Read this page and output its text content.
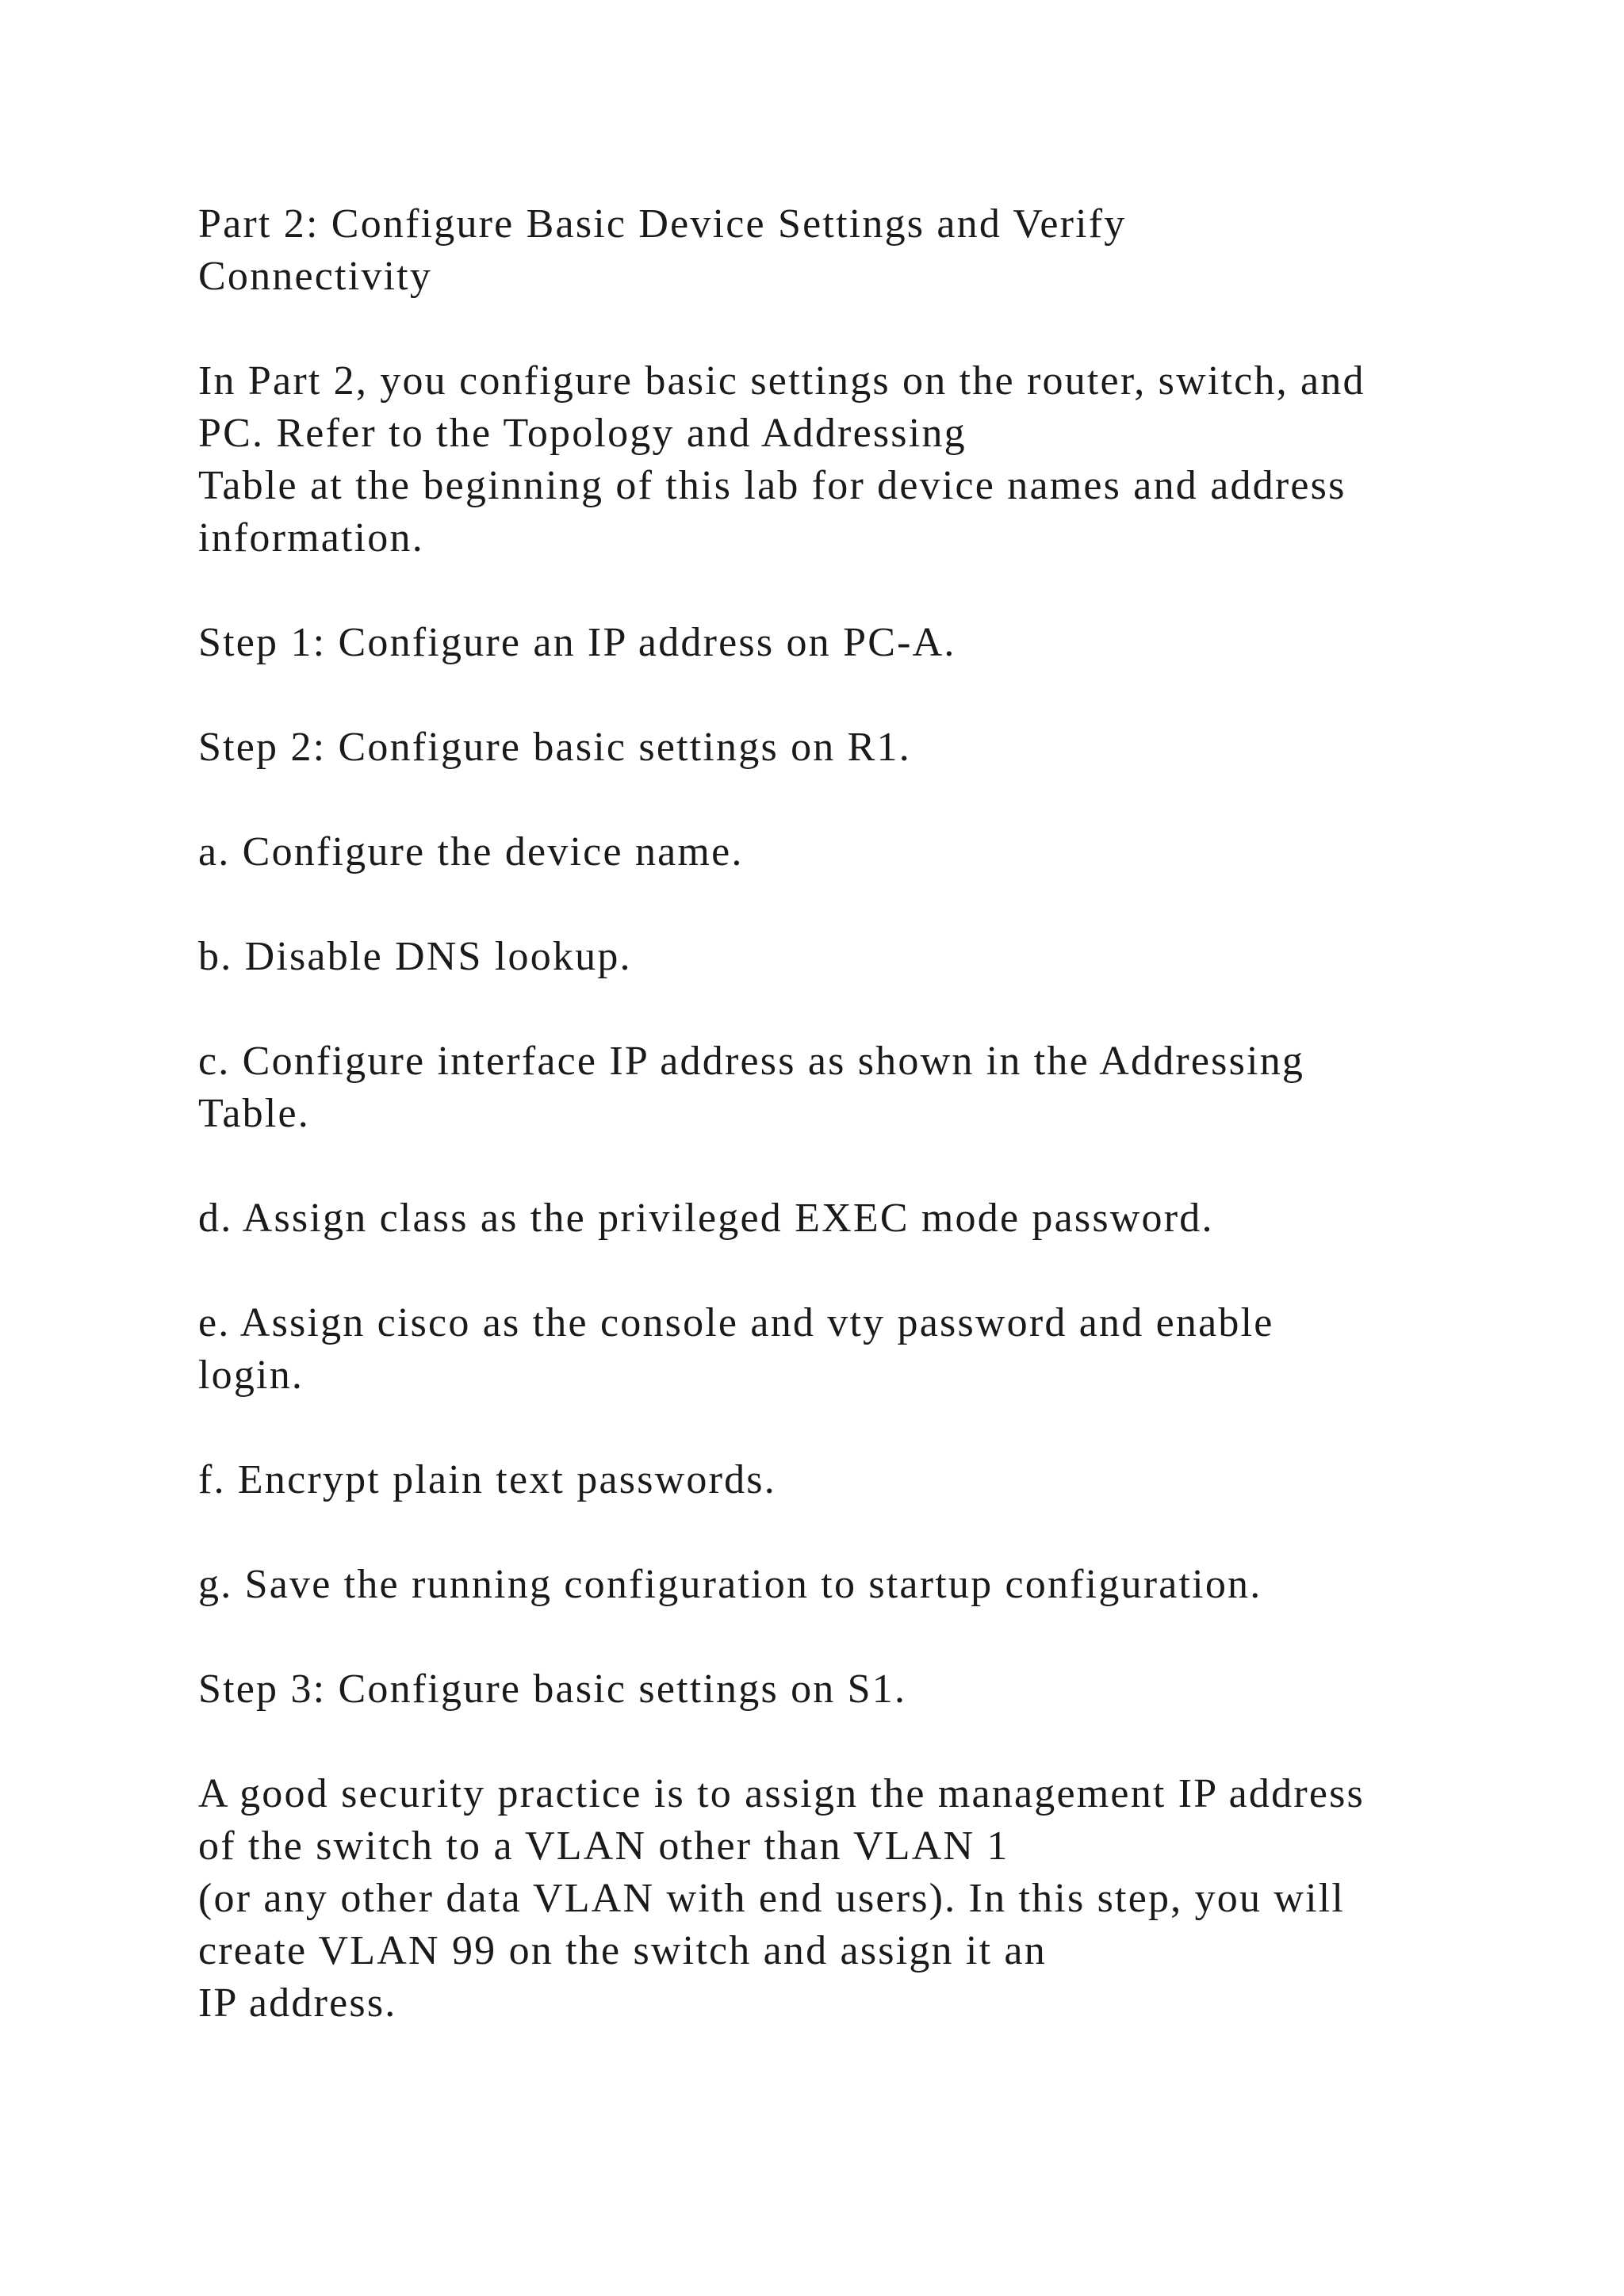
Part 2: Configure Basic Device Settings and Verify
Connectivity

In Part 2, you configure basic settings on the router, switch, and
PC. Refer to the Topology and Addressing
Table at the beginning of this lab for device names and address
information.

Step 1: Configure an IP address on PC-A.

Step 2: Configure basic settings on R1.

a. Configure the device name.

b. Disable DNS lookup.

c. Configure interface IP address as shown in the Addressing
Table.

d. Assign class as the privileged EXEC mode password.

e. Assign cisco as the console and vty password and enable
login.

f. Encrypt plain text passwords.

g. Save the running configuration to startup configuration.

Step 3: Configure basic settings on S1.

A good security practice is to assign the management IP address
of the switch to a VLAN other than VLAN 1
(or any other data VLAN with end users). In this step, you will
create VLAN 99 on the switch and assign it an
IP address.
